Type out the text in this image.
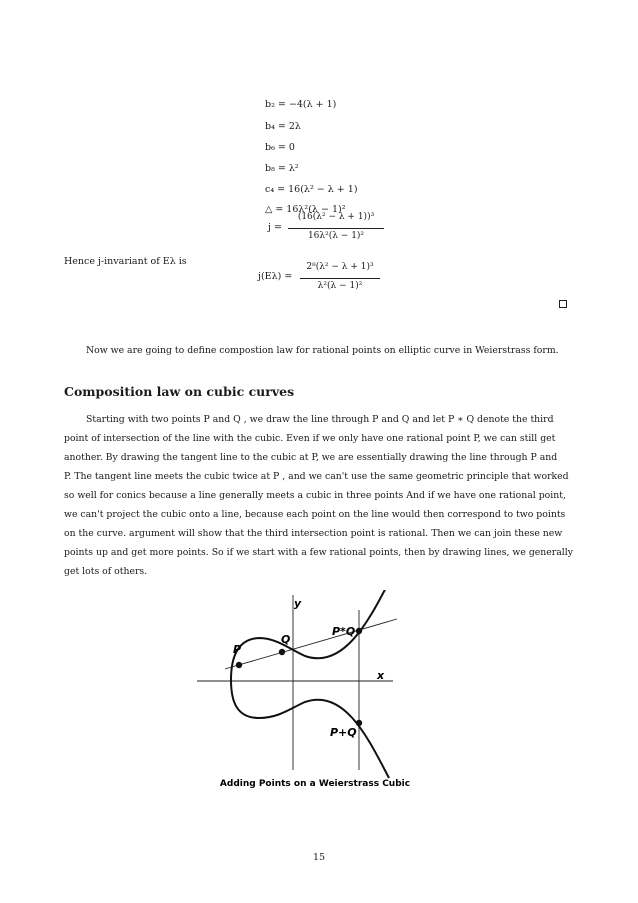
b₂ = −4(λ + 1)
b₄ = 2λ
b₆ = 0
b₈ = λ²
c₄ = 16(λ² − λ + 1)
△ = 16λ²(λ − 1)²
j =
(16(λ² − λ + 1))³
16λ²(λ − 1)²
Hence j-invariant of Eλ is
j(Eλ) =
2⁸(λ² − λ + 1)³
λ²(λ − 1)²
Now we are going to define compostion law for rational points on elliptic curve in Weierstrass form.
Composition law on cubic curves
Starting with two points P and Q , we draw the line through P and Q and let P ∗ Q denote the third
point of intersection of the line with the cubic. Even if we only have one rational point P, we can still get
another. By drawing the tangent line to the cubic at P, we are essentially drawing the line through P and
P. The tangent line meets the cubic twice at P , and we can't use the same geometric principle that worked
so well for conics because a line generally meets a cubic in three points And if we have one rational point,
we can't project the cubic onto a line, because each point on the line would then correspond to two points
on the curve. argument will show that the third intersection point is rational. Then we can join these new
points up and get more points. So if we start with a few rational points, then by drawing lines, we generally
get lots of others.
y
x
P
Q
P*Q
P+Q
Adding Points on a Weierstrass Cubic
15
